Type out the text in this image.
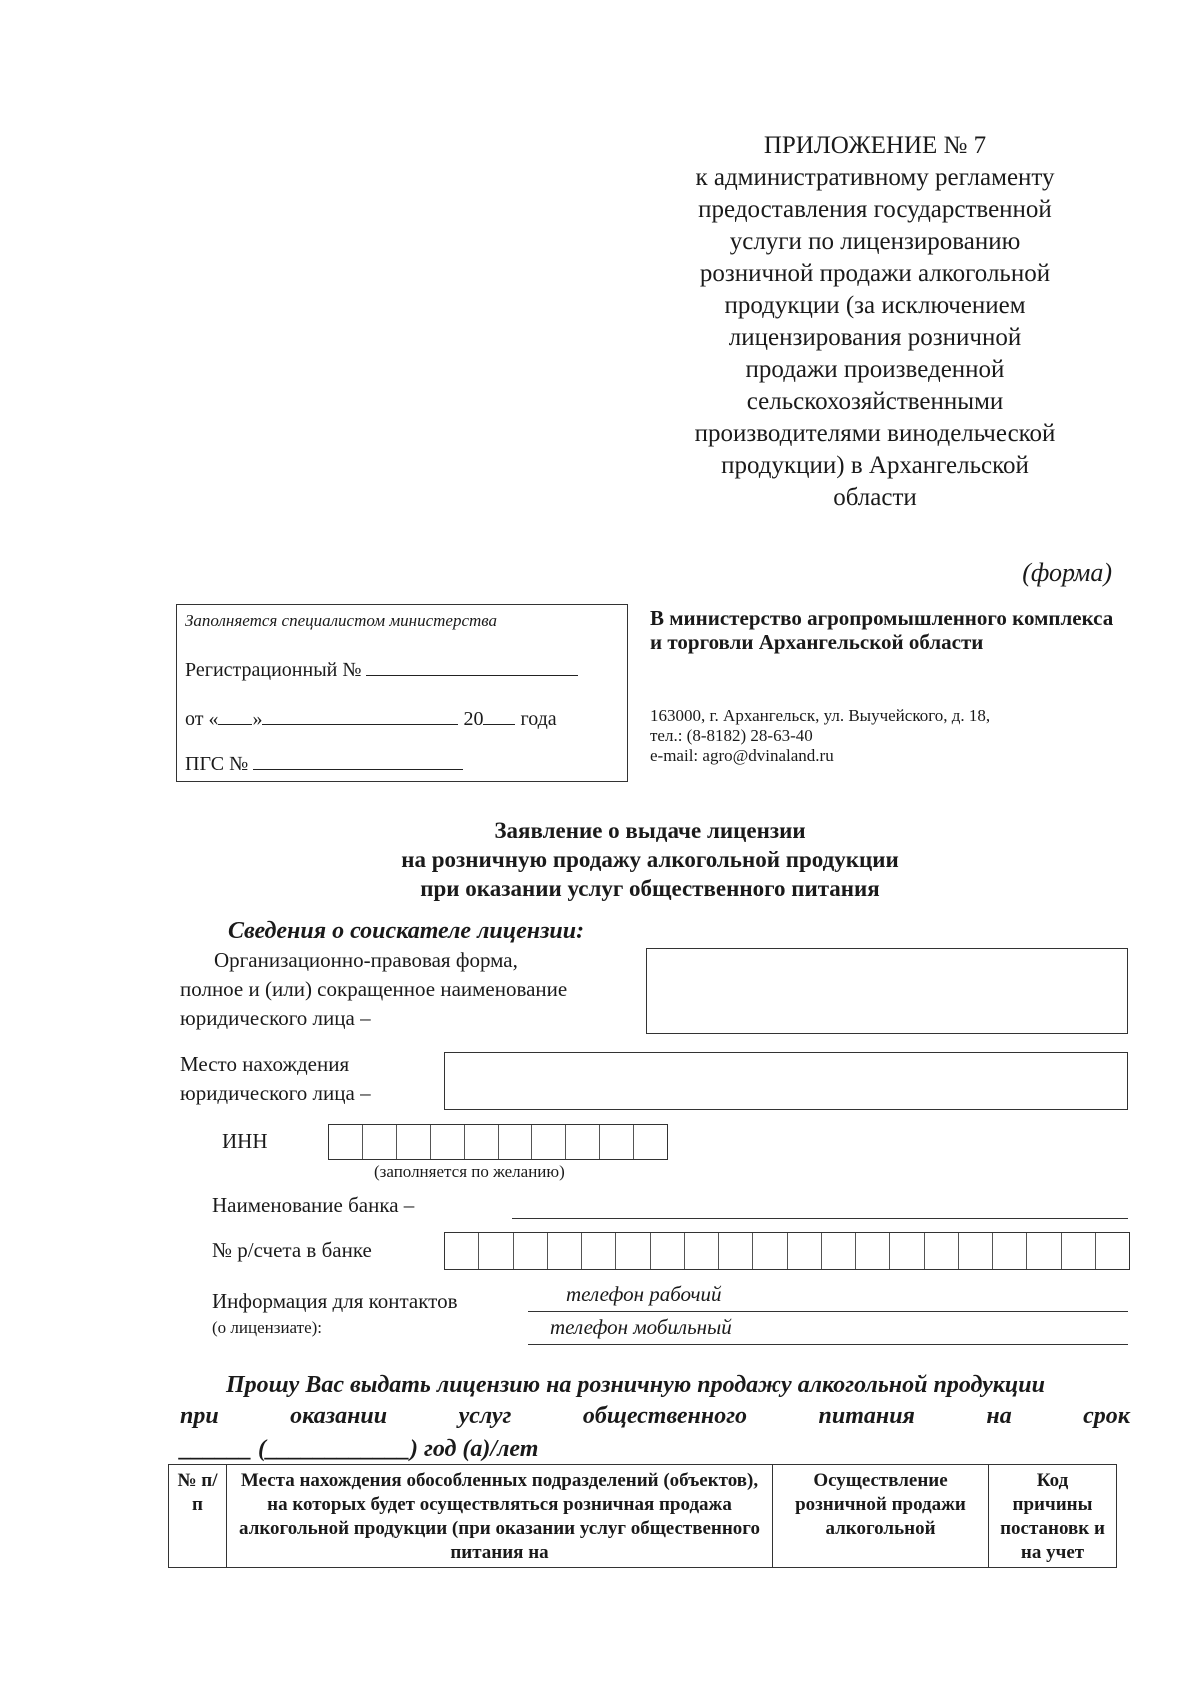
ПРИЛОЖЕНИЕ № 7
к административному регламенту
предоставления государственной
услуги по лицензированию
розничной продажи алкогольной
продукции (за исключением
лицензирования розничной
продажи произведенной
сельскохозяйственными
производителями винодельческой
продукции) в Архангельской
области
(форма)
Заполняется специалистом министерства
Регистрационный №
от « »	20 года
ПГС №
В министерство агропромышленного комплекса и торговли Архангельской области
163000, г. Архангельск, ул. Выучейского, д. 18,
тел.: (8-8182) 28-63-40
e-mail: agro@dvinaland.ru
Заявление о выдаче лицензии
на розничную продажу алкогольной продукции
при оказании услуг общественного питания
Сведения о соискателе лицензии:
Организационно-правовая форма,
полное и (или) сокращенное наименование
юридического лица –
Место нахождения
юридического лица –
ИНН
(заполняется по желанию)
Наименование банка –
№ р/счета в банке
Информация для контактов
(о лицензиате):
телефон рабочий
телефон мобильный
Прошу Вас выдать лицензию на розничную продажу алкогольной продукции
при	оказании	услуг	общественного	питания	на	срок
______ (____________) год (а)/лет
№ п/п	Места нахождения обособленных подразделений (объектов), на которых будет осуществляться розничная продажа алкогольной продукции (при оказании услуг общественного питания на	Осуществление розничной продажи алкогольной	Код причины постановк и на учет
